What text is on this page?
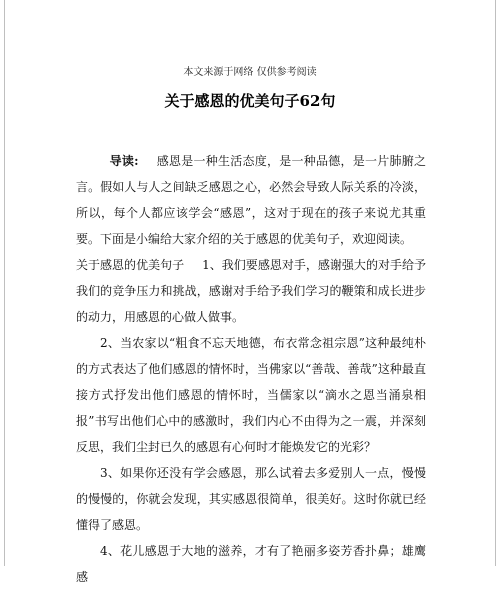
本文来源于网络 仅供参考阅读
关于感恩的优美句子62句

导读: 感恩是一种生活态度，是一种品德，是一片肺腑之言。假如人与人之间缺乏感恩之心，必然会导致人际关系的冷淡，所以，每个人都应该学会“感恩”，这对于现在的孩子来说尤其重要。下面是小编给大家介绍的关于感恩的优美句子，欢迎阅读。

关于感恩的优美句子   1、我们要感恩对手，感谢强大的对手给予我们的竞争压力和挑战，感谢对手给予我们学习的鞭策和成长进步的动力，用感恩的心做人做事。

2、当农家以“粗食不忘天地德，布衣常念祖宗恩”这种最纯朴的方式表达了他们感恩的情怀时，当佛家以“善哉、善哉”这种最直接方式抒发出他们感恩的情怀时，当儒家以“滴水之恩当涌泉相报”书写出他们心中的感激时，我们内心不由得为之一震，并深刻反思，我们尘封已久的感恩有心何时才能焕发它的光彩？

3、如果你还没有学会感恩，那么试着去多爱别人一点，慢慢的慢慢的，你就会发现，其实感恩很简单，很美好。这时你就已经懂得了感恩。

4、花儿感恩于大地的滋养，才有了艳丽多姿芳香扑鼻；雄鹰感
